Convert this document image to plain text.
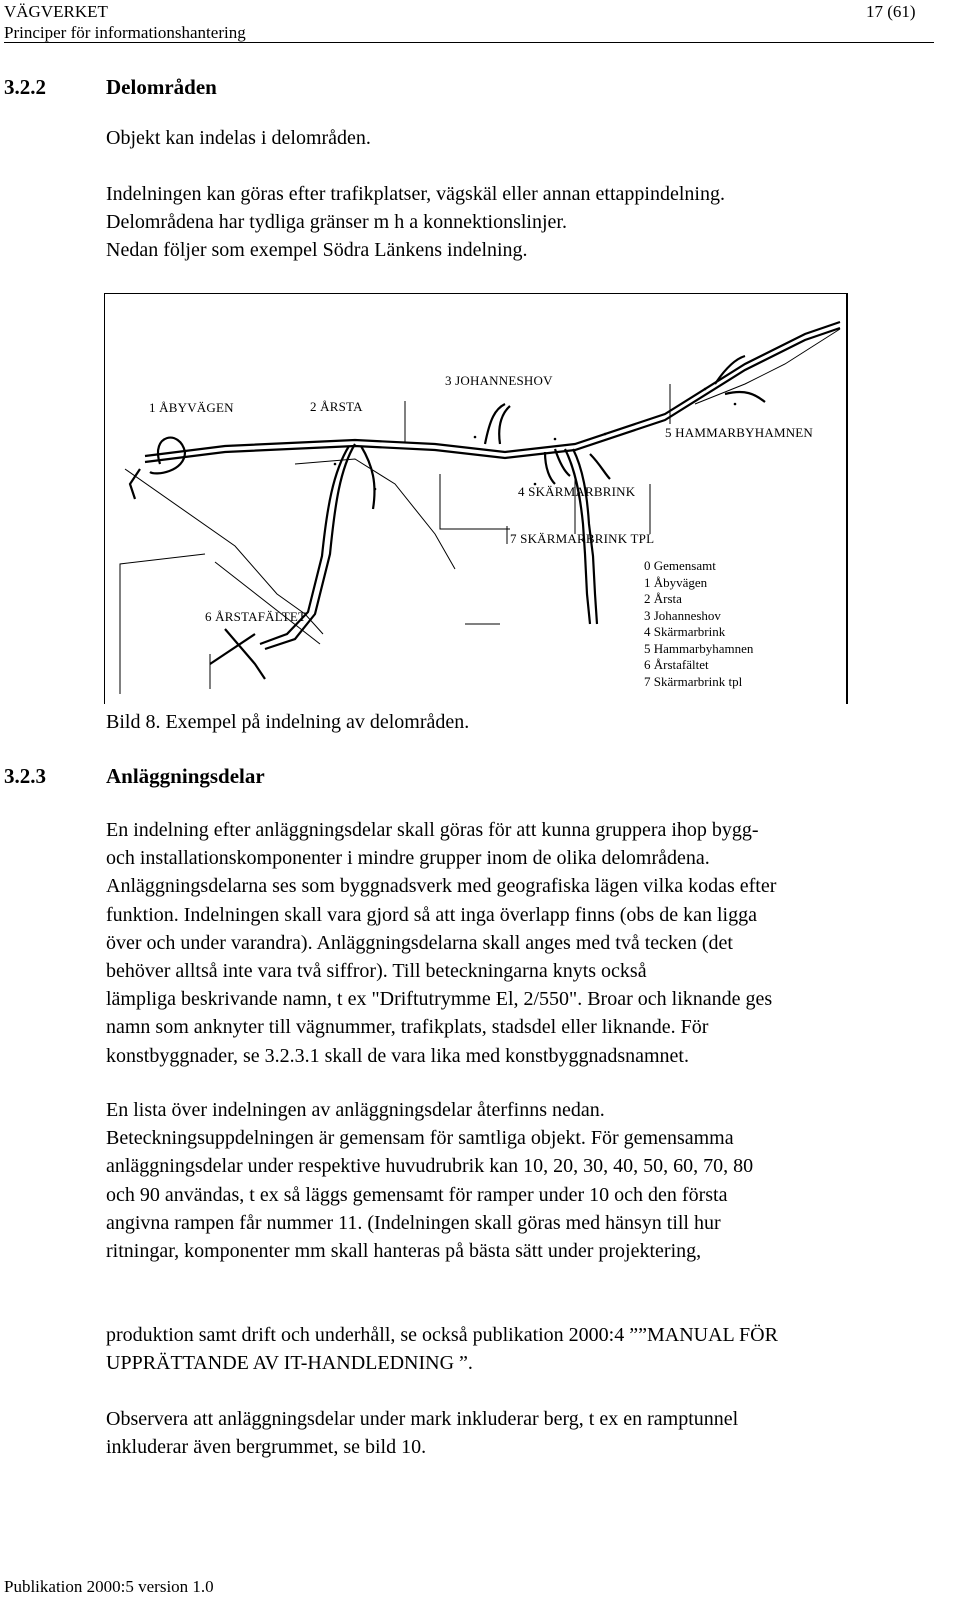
VÄGVERKET	17 (61)
Principer för informationshantering
3.2.2	Delområden
Objekt kan indelas i delområden.
Indelningen kan göras efter trafikplatser, vägskäl eller annan ettappindelning.
Delområdena har tydliga gränser m h a konnektionslinjer.
Nedan följer som exempel Södra Länkens indelning.
1 ÅBYVÄGEN	2 ÅRSTA
3 JOHANNESHOV
4 SKÄRMARBRINK
5 HAMMARBYHAMNEN
6 ÅRSTAFÄLTET
7 SKÄRMARBRINK TPL
0 Gemensamt
1 Åbyvägen
2 Årsta
3 Johanneshov
4 Skärmarbrink
5 Hammarbyhamnen
6 Årstafältet
7 Skärmarbrink tpl
Bild 8. Exempel på indelning av delområden.
3.2.3	Anläggningsdelar
En indelning efter anläggningsdelar skall göras för att kunna gruppera ihop bygg-
och installationskomponenter i mindre grupper inom de olika delområdena.
Anläggningsdelarna ses som byggnadsverk med geografiska lägen vilka kodas efter
funktion. Indelningen skall vara gjord så att inga överlapp finns (obs de kan ligga
över och under varandra). Anläggningsdelarna skall anges med två tecken (det
behöver alltså inte vara två siffror). Till beteckningarna knyts också
lämpliga beskrivande namn, t ex "Driftutrymme El, 2/550". Broar och liknande ges
namn som anknyter till vägnummer, trafikplats, stadsdel eller liknande. För
konstbyggnader, se 3.2.3.1 skall de vara lika med konstbyggnadsnamnet.
En lista över indelningen av anläggningsdelar återfinns nedan.
Beteckningsuppdelningen är gemensam för samtliga objekt. För gemensamma
anläggningsdelar under respektive huvudrubrik kan 10, 20, 30, 40, 50, 60, 70, 80
och 90 användas, t ex så läggs gemensamt för ramper under 10 och den första
angivna rampen får nummer 11. (Indelningen skall göras med hänsyn till hur
ritningar, komponenter mm skall hanteras på bästa sätt under projektering,
produktion samt drift och underhåll, se också publikation 2000:4 ””MANUAL FÖR
UPPRÄTTANDE AV IT-HANDLEDNING ”.
Observera att anläggningsdelar under mark inkluderar berg, t ex en ramptunnel
inkluderar även bergrummet, se bild 10.
Publikation 2000:5 version 1.0
